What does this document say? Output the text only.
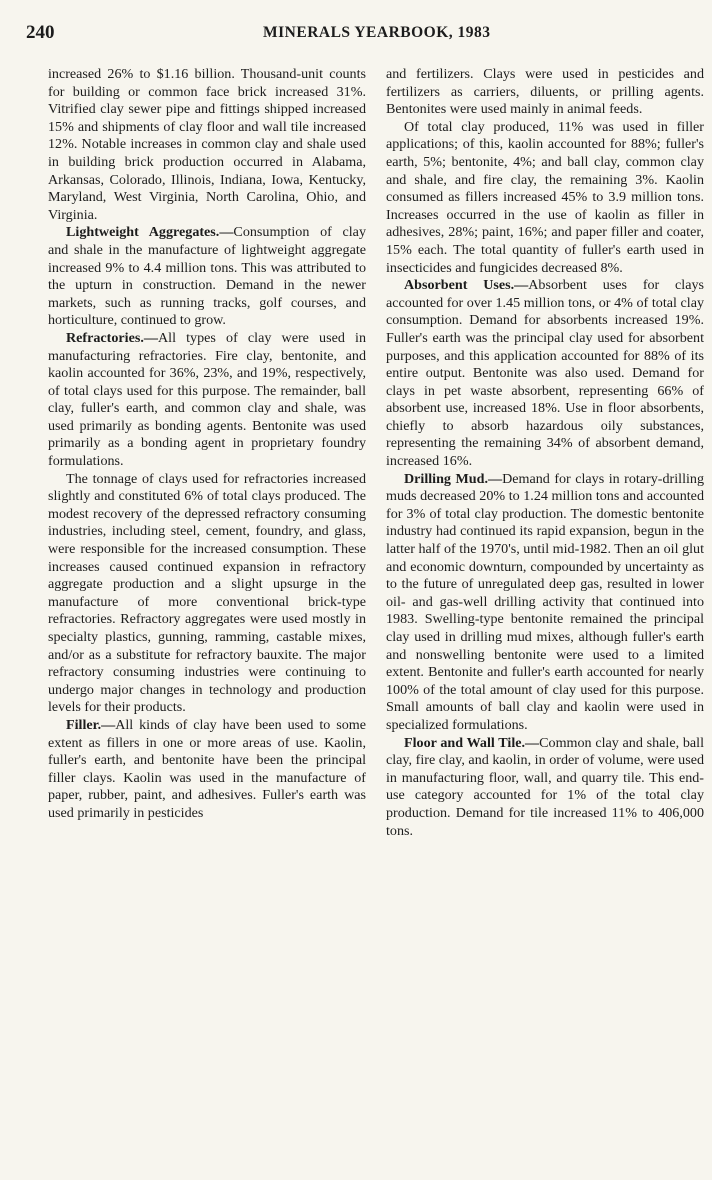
240	MINERALS YEARBOOK, 1983

increased 26% to $1.16 billion. Thousand-unit counts for building or common face brick increased 31%. Vitrified clay sewer pipe and fittings shipped increased 15% and shipments of clay floor and wall tile increased 12%. Notable increases in common clay and shale used in building brick production occurred in Alabama, Arkansas, Colorado, Illinois, Indiana, Iowa, Kentucky, Maryland, West Virginia, North Carolina, Ohio, and Virginia.

Lightweight Aggregates.—Consumption of clay and shale in the manufacture of lightweight aggregate increased 9% to 4.4 million tons. This was attributed to the upturn in construction. Demand in the newer markets, such as running tracks, golf courses, and horticulture, continued to grow.

Refractories.—All types of clay were used in manufacturing refractories. Fire clay, bentonite, and kaolin accounted for 36%, 23%, and 19%, respectively, of total clays used for this purpose. The remainder, ball clay, fuller's earth, and common clay and shale, was used primarily as bonding agents. Bentonite was used primarily as a bonding agent in proprietary foundry formulations.

The tonnage of clays used for refractories increased slightly and constituted 6% of total clays produced. The modest recovery of the depressed refractory consuming industries, including steel, cement, foundry, and glass, were responsible for the increased consumption. These increases caused continued expansion in refractory aggregate production and a slight upsurge in the manufacture of more conventional brick-type refractories. Refractory aggregates were used mostly in specialty plastics, gunning, ramming, castable mixes, and/or as a substitute for refractory bauxite. The major refractory consuming industries were continuing to undergo major changes in technology and production levels for their products.

Filler.—All kinds of clay have been used to some extent as fillers in one or more areas of use. Kaolin, fuller's earth, and bentonite have been the principal filler clays. Kaolin was used in the manufacture of paper, rubber, paint, and adhesives. Fuller's earth was used primarily in pesticides

and fertilizers. Clays were used in pesticides and fertilizers as carriers, diluents, or prilling agents. Bentonites were used mainly in animal feeds.

Of total clay produced, 11% was used in filler applications; of this, kaolin accounted for 88%; fuller's earth, 5%; bentonite, 4%; and ball clay, common clay and shale, and fire clay, the remaining 3%. Kaolin consumed as fillers increased 45% to 3.9 million tons. Increases occurred in the use of kaolin as filler in adhesives, 28%; paint, 16%; and paper filler and coater, 15% each. The total quantity of fuller's earth used in insecticides and fungicides decreased 8%.

Absorbent Uses.—Absorbent uses for clays accounted for over 1.45 million tons, or 4% of total clay consumption. Demand for absorbents increased 19%. Fuller's earth was the principal clay used for absorbent purposes, and this application accounted for 88% of its entire output. Bentonite was also used. Demand for clays in pet waste absorbent, representing 66% of absorbent use, increased 18%. Use in floor absorbents, chiefly to absorb hazardous oily substances, representing the remaining 34% of absorbent demand, increased 16%.

Drilling Mud.—Demand for clays in rotary-drilling muds decreased 20% to 1.24 million tons and accounted for 3% of total clay production. The domestic bentonite industry had continued its rapid expansion, begun in the latter half of the 1970's, until mid-1982. Then an oil glut and economic downturn, compounded by uncertainty as to the future of unregulated deep gas, resulted in lower oil- and gas-well drilling activity that continued into 1983. Swelling-type bentonite remained the principal clay used in drilling mud mixes, although fuller's earth and nonswelling bentonite were used to a limited extent. Bentonite and fuller's earth accounted for nearly 100% of the total amount of clay used for this purpose. Small amounts of ball clay and kaolin were used in specialized formulations.

Floor and Wall Tile.—Common clay and shale, ball clay, fire clay, and kaolin, in order of volume, were used in manufacturing floor, wall, and quarry tile. This end-use category accounted for 1% of the total clay production. Demand for tile increased 11% to 406,000 tons.
